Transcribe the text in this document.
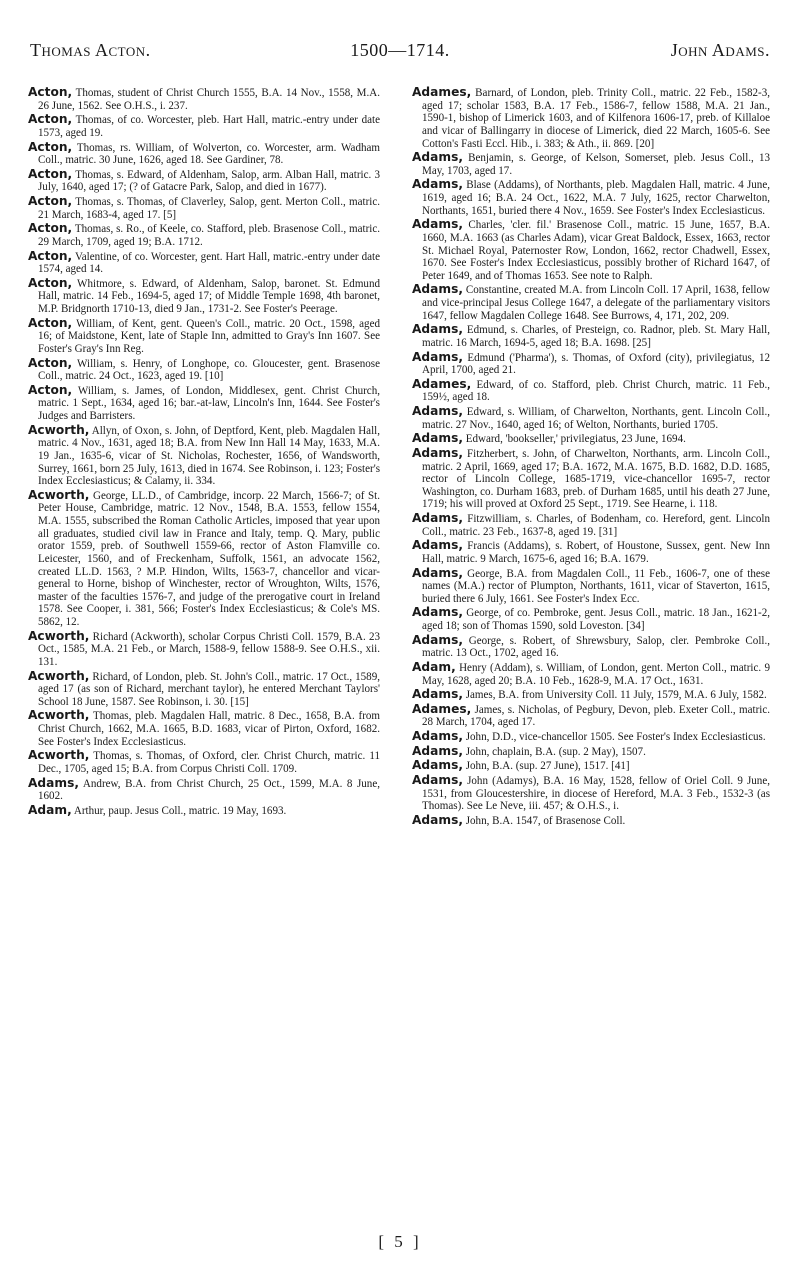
Thomas Acton.	1500—1714.	John Adams.

Acton, Thomas, student of Christ Church 1555, B.A. 14 Nov., 1558, M.A. 26 June, 1562. See O.H.S., i. 237.

Acton, Thomas, of co. Worcester, pleb. Hart Hall, matric.-entry under date 1573, aged 19.

Acton, Thomas, rs. William, of Wolverton, co. Worcester, arm. Wadham Coll., matric. 30 June, 1626, aged 18. See Gardiner, 78.

Acton, Thomas, s. Edward, of Aldenham, Salop, arm. Alban Hall, matric. 3 July, 1640, aged 17; (? of Gatacre Park, Salop, and died in 1677).

Acton, Thomas, s. Thomas, of Claverley, Salop, gent. Merton Coll., matric. 21 March, 1683-4, aged 17. [5]

Acton, Thomas, s. Ro., of Keele, co. Stafford, pleb. Brasenose Coll., matric. 29 March, 1709, aged 19; B.A. 1712.

Acton, Valentine, of co. Worcester, gent. Hart Hall, matric.-entry under date 1574, aged 14.

Acton, Whitmore, s. Edward, of Aldenham, Salop, baronet. St. Edmund Hall, matric. 14 Feb., 1694-5, aged 17; of Middle Temple 1698, 4th baronet, M.P. Bridgnorth 1710-13, died 9 Jan., 1731-2. See Foster's Peerage.

Acton, William, of Kent, gent. Queen's Coll., matric. 20 Oct., 1598, aged 16; of Maidstone, Kent, late of Staple Inn, admitted to Gray's Inn 1607. See Foster's Gray's Inn Reg.

Acton, William, s. Henry, of Longhope, co. Gloucester, gent. Brasenose Coll., matric. 24 Oct., 1623, aged 19. [10]

Acton, William, s. James, of London, Middlesex, gent. Christ Church, matric. 1 Sept., 1634, aged 16; bar.-at-law, Lincoln's Inn, 1644. See Foster's Judges and Barristers.

Acworth, Allyn, of Oxon, s. John, of Deptford, Kent, pleb. Magdalen Hall, matric. 4 Nov., 1631, aged 18; B.A. from New Inn Hall 14 May, 1633, M.A. 19 Jan., 1635-6, vicar of St. Nicholas, Rochester, 1656, of Wandsworth, Surrey, 1661, born 25 July, 1613, died in 1674. See Robinson, i. 123; Foster's Index Ecclesiasticus; & Calamy, ii. 334.

Acworth, George, LL.D., of Cambridge, incorp. 22 March, 1566-7; of St. Peter House, Cambridge, matric. 12 Nov., 1548, B.A. 1553, fellow 1554, M.A. 1555, subscribed the Roman Catholic Articles, imposed that year upon all graduates, studied civil law in France and Italy, temp. Q. Mary, public orator 1559, preb. of Southwell 1559-66, rector of Aston Flamville co. Leicester, 1560, and of Freckenham, Suffolk, 1561, an advocate 1562, created LL.D. 1563, ? M.P. Hindon, Wilts, 1563-7, chancellor and vicar-general to Horne, bishop of Winchester, rector of Wroughton, Wilts, 1576, master of the faculties 1576-7, and judge of the prerogative court in Ireland 1578. See Cooper, i. 381, 566; Foster's Index Ecclesiasticus; & Cole's MS. 5862, 12.

Acworth, Richard (Ackworth), scholar Corpus Christi Coll. 1579, B.A. 23 Oct., 1585, M.A. 21 Feb., or March, 1588-9, fellow 1588-9. See O.H.S., xii. 131.

Acworth, Richard, of London, pleb. St. John's Coll., matric. 17 Oct., 1589, aged 17 (as son of Richard, merchant taylor), he entered Merchant Taylors' School 18 June, 1587. See Robinson, i. 30. [15]

Acworth, Thomas, pleb. Magdalen Hall, matric. 8 Dec., 1658, B.A. from Christ Church, 1662, M.A. 1665, B.D. 1683, vicar of Pirton, Oxford, 1682. See Foster's Index Ecclesiasticus.

Acworth, Thomas, s. Thomas, of Oxford, cler. Christ Church, matric. 11 Dec., 1705, aged 15; B.A. from Corpus Christi Coll. 1709.

Adams, Andrew, B.A. from Christ Church, 25 Oct., 1599, M.A. 8 June, 1602.

Adam, Arthur, paup. Jesus Coll., matric. 19 May, 1693.

Adames, Barnard, of London, pleb. Trinity Coll., matric. 22 Feb., 1582-3, aged 17; scholar 1583, B.A. 17 Feb., 1586-7, fellow 1588, M.A. 21 Jan., 1590-1, bishop of Limerick 1603, and of Kilfenora 1606-17, preb. of Killaloe and vicar of Ballingarry in diocese of Limerick, died 22 March, 1605-6. See Cotton's Fasti Eccl. Hib., i. 383; & Ath., ii. 869. [20]

Adams, Benjamin, s. George, of Kelson, Somerset, pleb. Jesus Coll., 13 May, 1703, aged 17.

Adams, Blase (Addams), of Northants, pleb. Magdalen Hall, matric. 4 June, 1619, aged 16; B.A. 24 Oct., 1622, M.A. 7 July, 1625, rector Charwelton, Northants, 1651, buried there 4 Nov., 1659. See Foster's Index Ecclesiasticus.

Adams, Charles, 'cler. fil.' Brasenose Coll., matric. 15 June, 1657, B.A. 1660, M.A. 1663 (as Charles Adam), vicar Great Baldock, Essex, 1663, rector St. Michael Royal, Paternoster Row, London, 1662, rector Chadwell, Essex, 1670. See Foster's Index Ecclesiasticus, possibly brother of Richard 1647, of Peter 1649, and of Thomas 1653. See note to Ralph.

Adams, Constantine, created M.A. from Lincoln Coll. 17 April, 1638, fellow and vice-principal Jesus College 1647, a delegate of the parliamentary visitors 1647, fellow Magdalen College 1648. See Burrows, 4, 171, 202, 209.

Adams, Edmund, s. Charles, of Presteign, co. Radnor, pleb. St. Mary Hall, matric. 16 March, 1694-5, aged 18; B.A. 1698. [25]

Adams, Edmund ('Pharma'), s. Thomas, of Oxford (city), privilegiatus, 12 April, 1700, aged 21.

Adames, Edward, of co. Stafford, pleb. Christ Church, matric. 11 Feb., 159½, aged 18.

Adams, Edward, s. William, of Charwelton, Northants, gent. Lincoln Coll., matric. 27 Nov., 1640, aged 16; of Welton, Northants, buried 1705.

Adams, Edward, 'bookseller,' privilegiatus, 23 June, 1694.

Adams, Fitzherbert, s. John, of Charwelton, Northants, arm. Lincoln Coll., matric. 2 April, 1669, aged 17; B.A. 1672, M.A. 1675, B.D. 1682, D.D. 1685, rector of Lincoln College, 1685-1719, vice-chancellor 1695-7, rector Washington, co. Durham 1683, preb. of Durham 1685, until his death 27 June, 1719; his will proved at Oxford 25 Sept., 1719. See Hearne, i. 118.

Adams, Fitzwilliam, s. Charles, of Bodenham, co. Hereford, gent. Lincoln Coll., matric. 23 Feb., 1637-8, aged 19. [31]

Adams, Francis (Addams), s. Robert, of Houstone, Sussex, gent. New Inn Hall, matric. 9 March, 1675-6, aged 16; B.A. 1679.

Adams, George, B.A. from Magdalen Coll., 11 Feb., 1606-7, one of these names (M.A.) rector of Plumpton, Northants, 1611, vicar of Staverton, 1615, buried there 6 July, 1661. See Foster's Index Ecc.

Adams, George, of co. Pembroke, gent. Jesus Coll., matric. 18 Jan., 1621-2, aged 18; son of Thomas 1590, sold Loveston. [34]

Adams, George, s. Robert, of Shrewsbury, Salop, cler. Pembroke Coll., matric. 13 Oct., 1702, aged 16.

Adam, Henry (Addam), s. William, of London, gent. Merton Coll., matric. 9 May, 1628, aged 20; B.A. 10 Feb., 1628-9, M.A. 17 Oct., 1631.

Adams, James, B.A. from University Coll. 11 July, 1579, M.A. 6 July, 1582.

Adames, James, s. Nicholas, of Pegbury, Devon, pleb. Exeter Coll., matric. 28 March, 1704, aged 17.

Adams, John, D.D., vice-chancellor 1505. See Foster's Index Ecclesiasticus.

Adams, John, chaplain, B.A. (sup. 2 May), 1507.

Adams, John, B.A. (sup. 27 June), 1517. [41]

Adams, John (Adamys), B.A. 16 May, 1528, fellow of Oriel Coll. 9 June, 1531, from Gloucestershire, in diocese of Hereford, M.A. 3 Feb., 1532-3 (as Thomas). See Le Neve, iii. 457; & O.H.S., i.

Adams, John, B.A. 1547, of Brasenose Coll.

[ 5 ]
